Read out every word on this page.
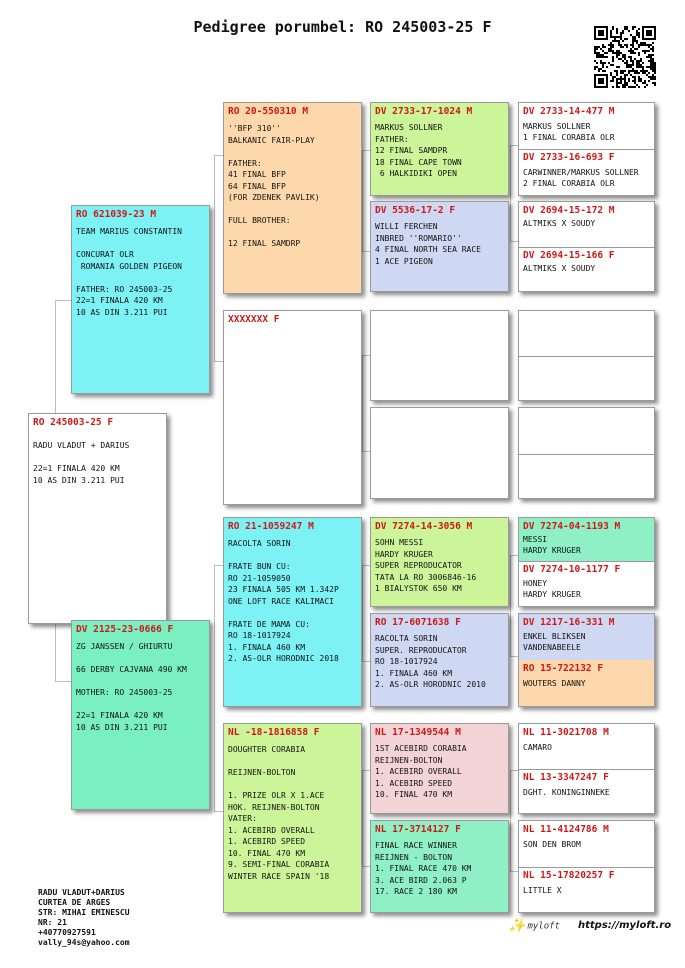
Pedigree porumbel: RO 245003-25 F
RO 245003-25 F
RADU VLADUT + DARIUS

22=1 FINALA 420 KM
10 AS DIN 3.211 PUI
RO 621039-23 M
TEAM MARIUS CONSTANTIN

CONCURAT OLR
ROMANIA GOLDEN PIGEON

FATHER: RO 245003-25
22=1 FINALA 420 KM
10 AS DIN 3.211 PUI
DV 2125-23-0666 F
ZG JANSSEN / GHIURTU

66 DERBY CAJVANA 490 KM

MOTHER: RO 245003-25

22=1 FINALA 420 KM
10 AS DIN 3.211 PUI
RO 20-550310 M
''BFP 310''
BALKANIC FAIR-PLAY

FATHER:
41 FINAL BFP
64 FINAL BFP
(FOR ZDENEK PAVLIK)

FULL BROTHER:

12 FINAL SAMDRP
XXXXXXX F
RO 21-1059247 M
RACOLTA SORIN

FRATE BUN CU:
RO 21-1059050
23 FINALA 505 KM 1.342P
ONE LOFT RACE KALIMACI

FRATE DE MAMA CU:
RO 18-1017924
1. FINALA 460 KM
2. AS-OLR HORODNIC 2018
NL -18-1816858 F
DOUGHTER CORABIA

REIJNEN-BOLTON

1. PRIZE OLR X 1.ACE
HOK. REIJNEN-BOLTON
VATER:
1. ACEBIRD OVERALL
1. ACEBIRD SPEED
10. FINAL 470 KM
9. SEMI-FINAL CORABIA
WINTER RACE SPAIN '18
DV 2733-17-1024 M
MARKUS SOLLNER
FATHER:
12 FINAL SAMDPR
18 FINAL CAPE TOWN
6 HALKIDIKI OPEN
DV 5536-17-2 F
WILLI FERCHEN
INBRED ''ROMARIO''
4 FINAL NORTH SEA RACE
1 ACE PIGEON
DV 7274-14-3056 M
SOHN MESSI
HARDY KRUGER
SUPER REPRODUCATOR
TATA LA RO 3006846-16
1 BIALYSTOK 650 KM
RO 17-6071638 F
RACOLTA SORIN
SUPER. REPRODUCATOR
RO 18-1017924
1. FINALA 460 KM
2. AS-OLR HORODNIC 2010
NL 17-1349544 M
1ST ACEBIRD CORABIA
REIJNEN-BOLTON
1. ACEBIRD OVERALL
1. ACEBIRD SPEED
10. FINAL 470 KM
NL 17-3714127 F
FINAL RACE WINNER
REIJNEN - BOLTON
1. FINAL RACE 470 KM
3. ACE BIRD 2.063 P
17. RACE 2 180 KM
DV 2733-14-477 M
MARKUS SOLLNER
1 FINAL CORABIA OLR
DV 2733-16-693 F
CARWINNER/MARKUS SOLLNER
2 FINAL CORABIA OLR
DV 2694-15-172 M
ALTMIKS X SOUDY
DV 2694-15-166 F
ALTMIKS X SOUDY
DV 7274-04-1193 M
MESSI
HARDY KRUGER
DV 7274-10-1177 F
HONEY
HARDY KRUGER
DV 1217-16-331 M
ENKEL BLIKSEN
VANDENABEELE
RO 15-722132 F
WOUTERS DANNY
NL 11-3021708 M
CAMARO
NL 13-3347247 F
DGHT. KONINGINNEKE
NL 11-4124786 M
SON DEN BROM
NL 15-17820257 F
LITTLE X

RADU VLADUT+DARIUS
CURTEA DE ARGES
STR: MIHAI EMINESCU
NR: 21
+40770927591
vally_94s@yahoo.com

✨ myloft https://myloft.ro
